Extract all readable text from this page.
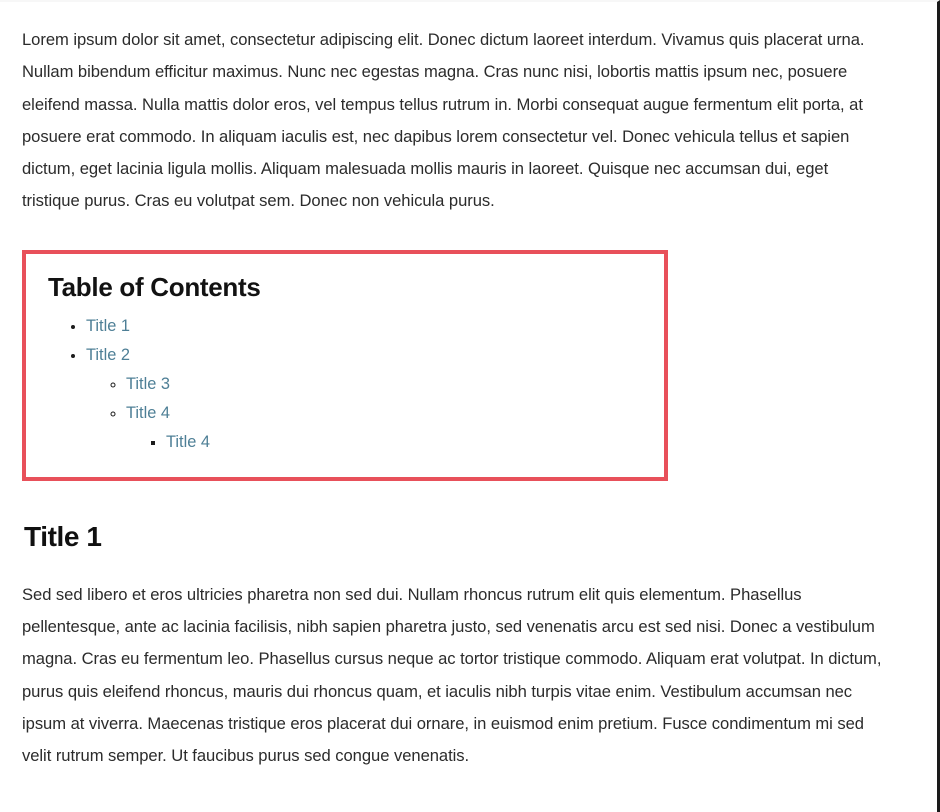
Lorem ipsum dolor sit amet, consectetur adipiscing elit. Donec dictum laoreet interdum. Vivamus quis placerat urna. Nullam bibendum efficitur maximus. Nunc nec egestas magna. Cras nunc nisi, lobortis mattis ipsum nec, posuere eleifend massa. Nulla mattis dolor eros, vel tempus tellus rutrum in. Morbi consequat augue fermentum elit porta, at posuere erat commodo. In aliquam iaculis est, nec dapibus lorem consectetur vel. Donec vehicula tellus et sapien dictum, eget lacinia ligula mollis. Aliquam malesuada mollis mauris in laoreet. Quisque nec accumsan dui, eget tristique purus. Cras eu volutpat sem. Donec non vehicula purus.

Table of Contents
• Title 1
• Title 2
◦ Title 3
◦ Title 4
▪ Title 4
Title 1

Sed sed libero et eros ultricies pharetra non sed dui. Nullam rhoncus rutrum elit quis elementum. Phasellus pellentesque, ante ac lacinia facilisis, nibh sapien pharetra justo, sed venenatis arcu est sed nisi. Donec a vestibulum magna. Cras eu fermentum leo. Phasellus cursus neque ac tortor tristique commodo. Aliquam erat volutpat. In dictum, purus quis eleifend rhoncus, mauris dui rhoncus quam, et iaculis nibh turpis vitae enim. Vestibulum accumsan nec ipsum at viverra. Maecenas tristique eros placerat dui ornare, in euismod enim pretium. Fusce condimentum mi sed velit rutrum semper. Ut faucibus purus sed congue venenatis.
